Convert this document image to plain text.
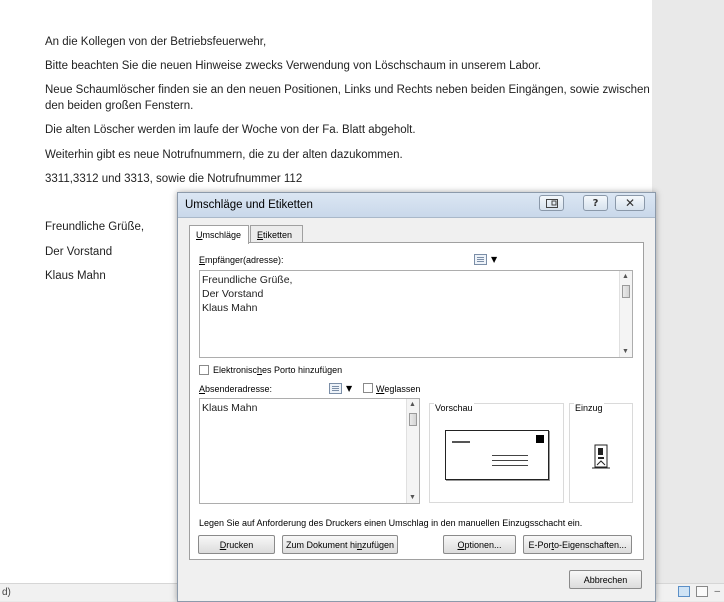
An die Kollegen von der Betriebsfeuerwehr,
Bitte beachten Sie die neuen Hinweise zwecks Verwendung von Löschschaum in unserem Labor.
Neue Schaumlöscher finden sie an den neuen Positionen, Links und Rechts neben beiden Eingängen, sowie zwischen
den beiden großen Fenstern.
Die alten Löscher werden im laufe der Woche von der Fa. Blatt abgeholt.
Weiterhin gibt es neue Notrufnummern, die zu der alten dazukommen.
3311,3312 und 3313, sowie die Notrufnummer 112
Freundliche Grüße,
Der Vorstand
Klaus Mahn
d)	–
Umschläge und Etiketten	?	✕
Umschläge	Etiketten
Empfänger(adresse):	▼
Freundliche Grüße,
Der Vorstand
Klaus Mahn
▲
▼
Elektronisches Porto hinzufügen
Absenderadresse:	▼	Weglassen
Klaus Mahn	▲
▼
Vorschau	Einzug
Legen Sie auf Anforderung des Druckers einen Umschlag in den manuellen Einzugsschacht ein.
D rucken	Zum Dokument hi n zufügen	O ptionen...	E-Por t o-Eigenschaften...
Abbrechen
